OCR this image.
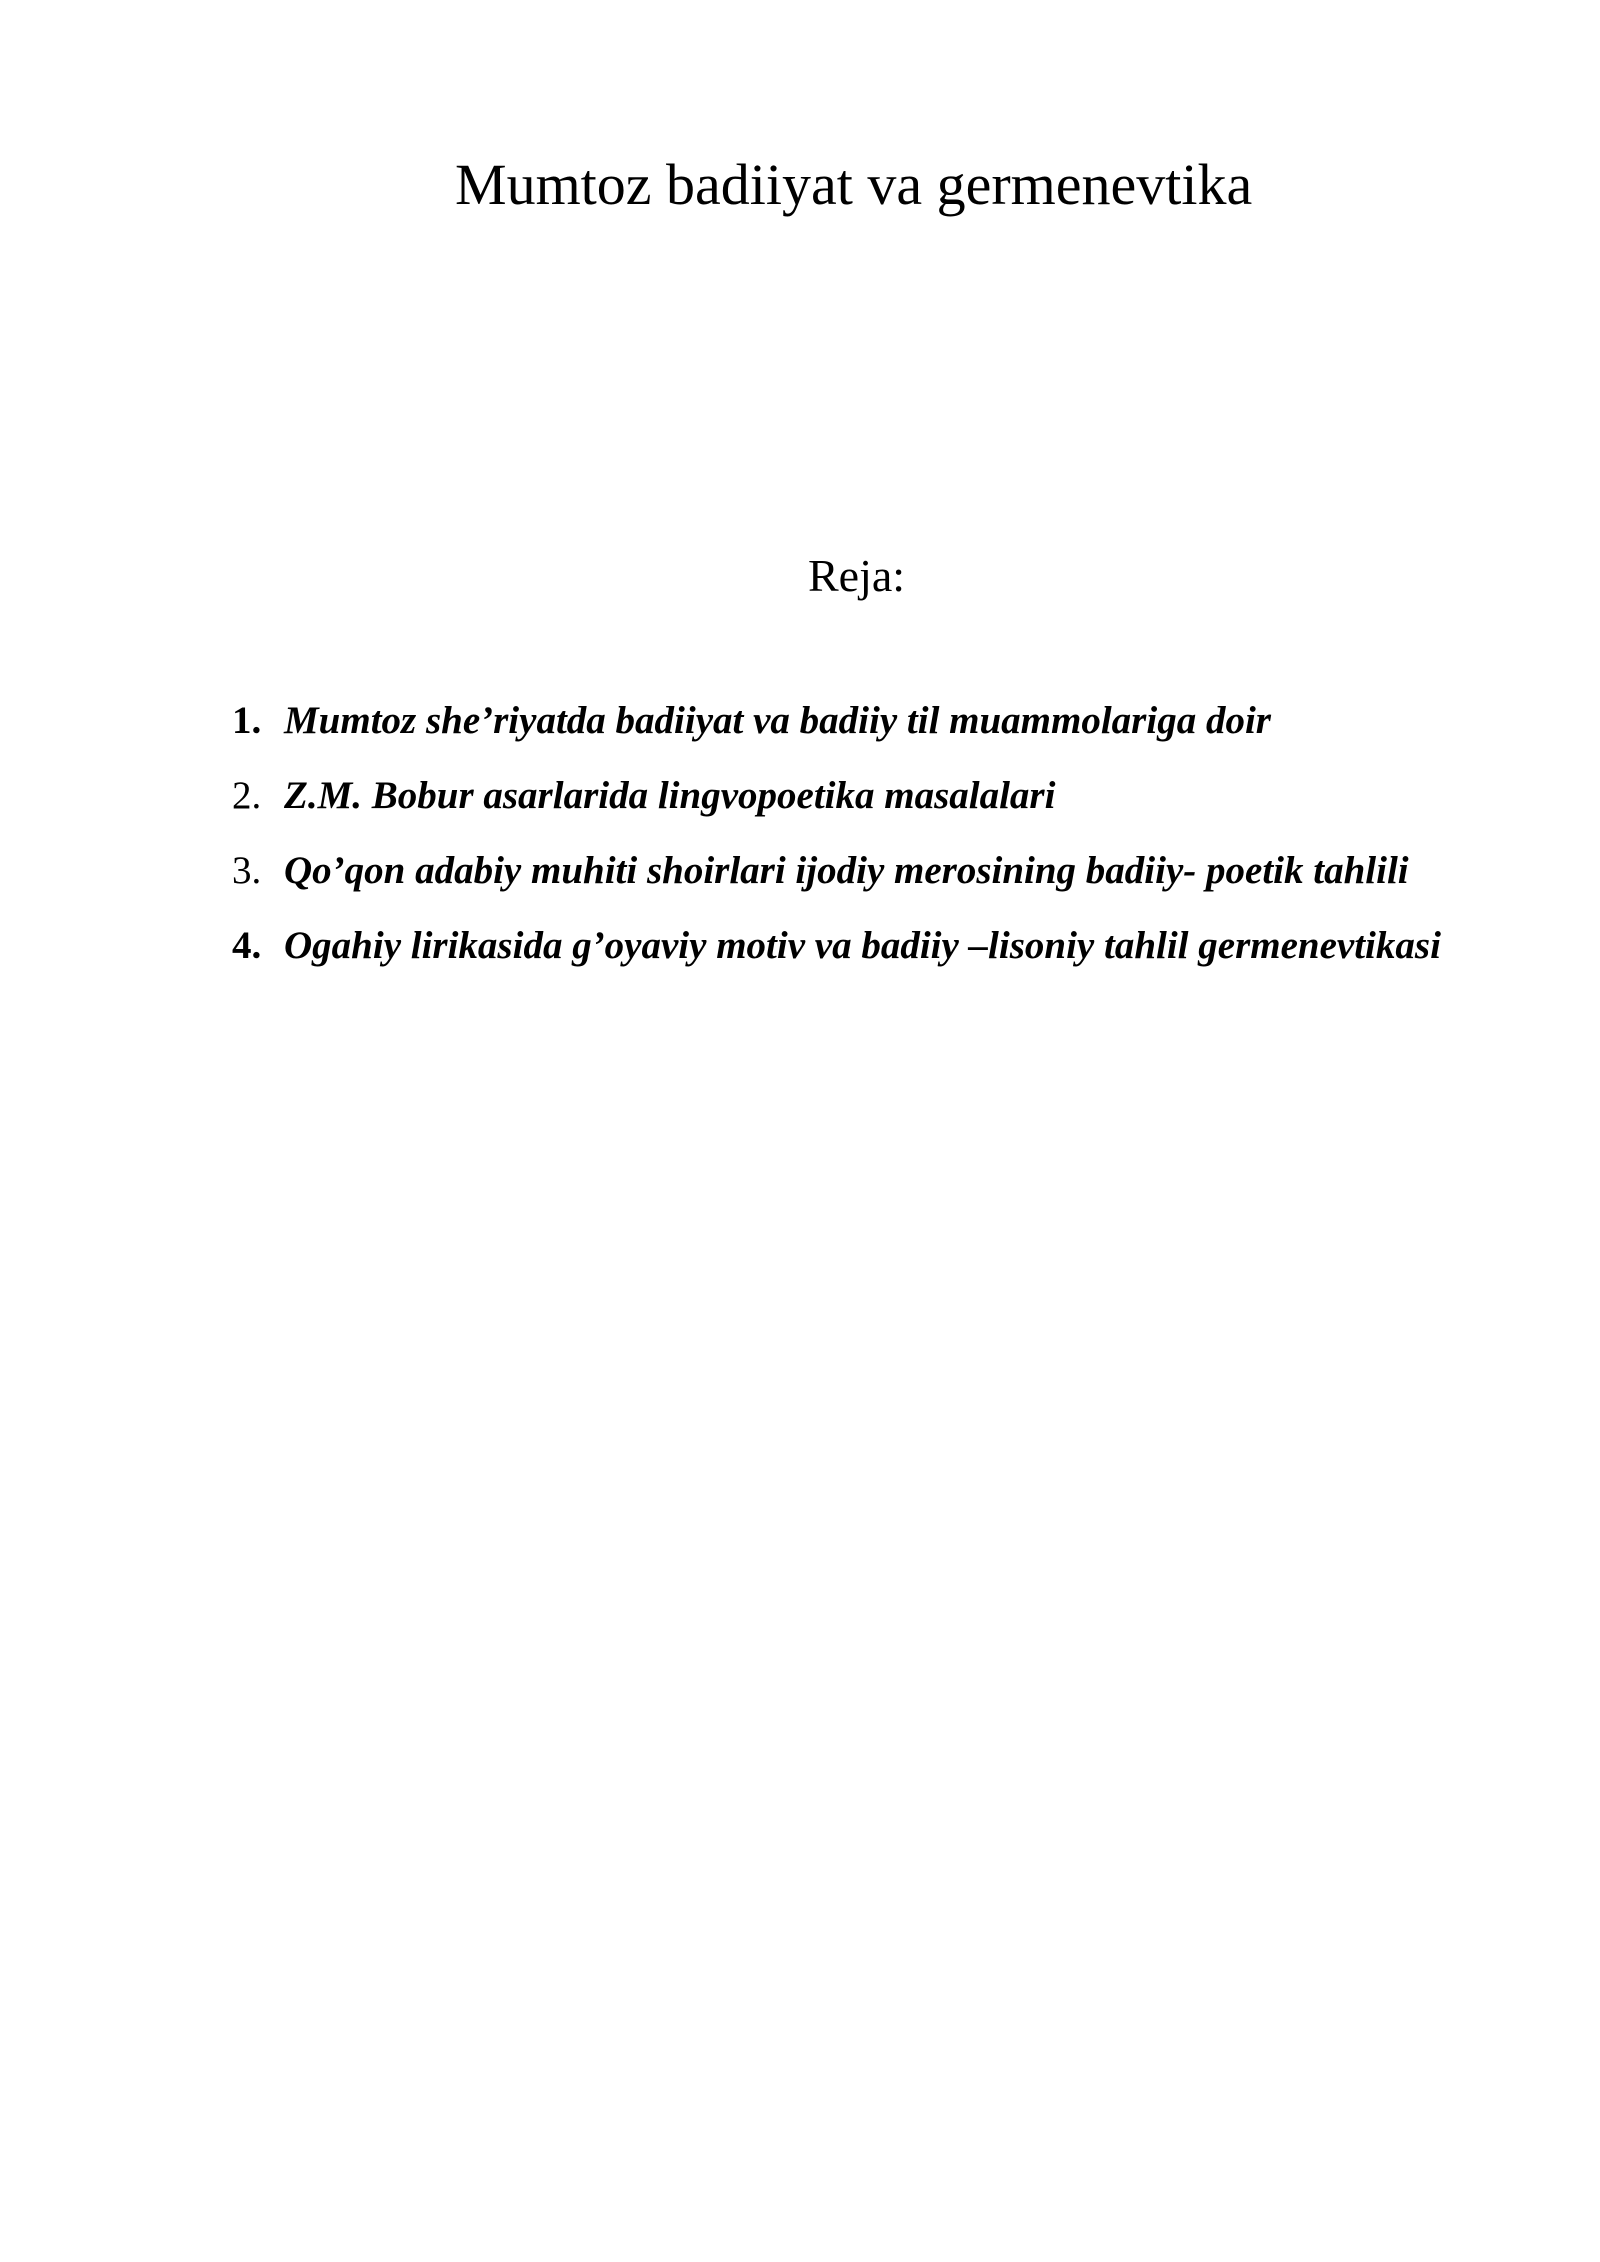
Mumtoz badiiyat va germenevtika
Reja:
1. Mumtoz she’riyatda badiiyat va badiiy til muammolariga doir
2. Z.M. Bobur asarlarida lingvopoetika masalalari
3. Qo’qon adabiy muhiti shoirlari ijodiy merosining badiiy- poetik tahlili
4. Ogahiy lirikasida g’oyaviy motiv va badiiy –lisoniy tahlil germenevtikasi
